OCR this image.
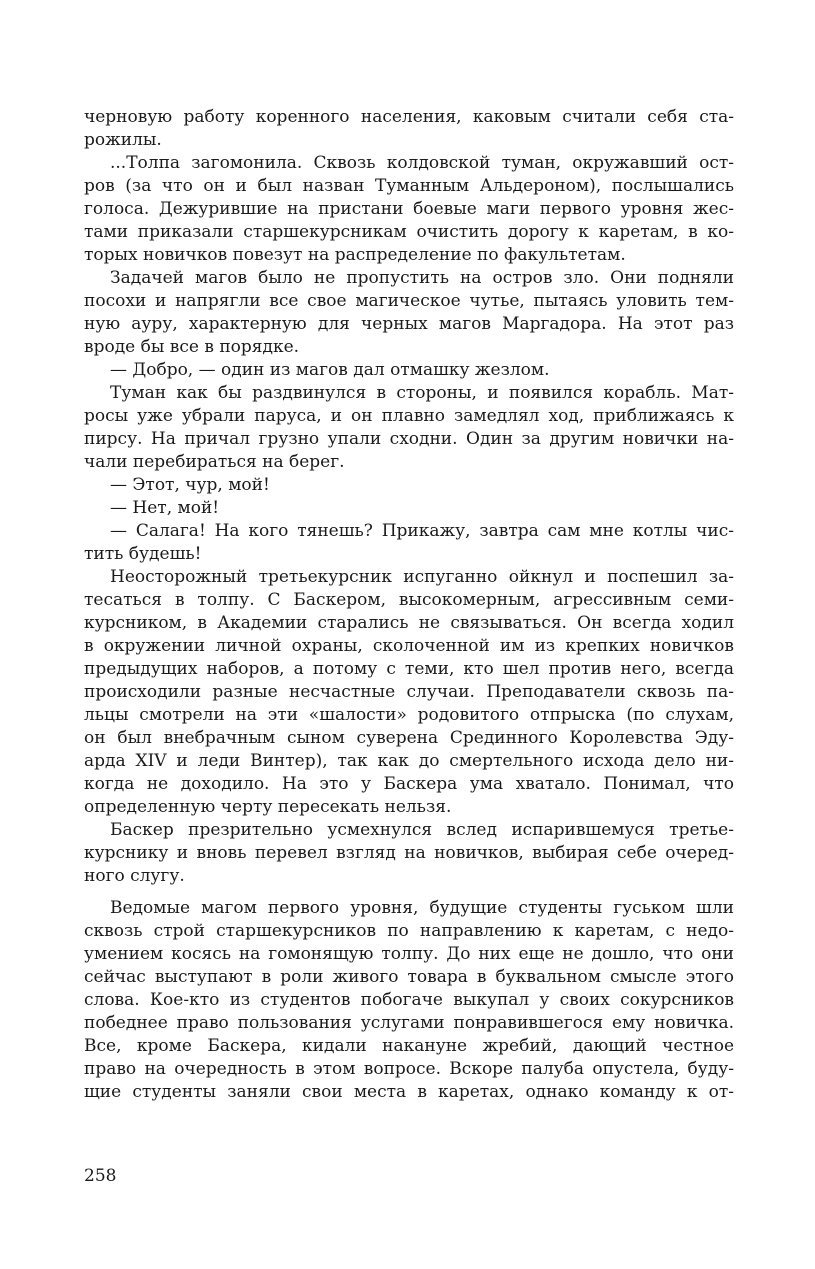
черновую работу коренного населения, каковым считали себя ста-
рожилы.
...Толпа загомонила. Сквозь колдовской туман, окружавший ост-
ров (за что он и был назван Туманным Альдероном), послышались
голоса. Дежурившие на пристани боевые маги первого уровня жес-
тами приказали старшекурсникам очистить дорогу к каретам, в ко-
торых новичков повезут на распределение по факультетам.
Задачей магов было не пропустить на остров зло. Они подняли
посохи и напрягли все свое магическое чутье, пытаясь уловить тем-
ную ауру, характерную для черных магов Маргадора. На этот раз
вроде бы все в порядке.
— Добро, — один из магов дал отмашку жезлом.
Туман как бы раздвинулся в стороны, и появился корабль. Мат-
росы уже убрали паруса, и он плавно замедлял ход, приближаясь к
пирсу. На причал грузно упали сходни. Один за другим новички на-
чали перебираться на берег.
— Этот, чур, мой!
— Нет, мой!
— Салага! На кого тянешь? Прикажу, завтра сам мне котлы чис-
тить будешь!
Неосторожный третьекурсник испуганно ойкнул и поспешил за-
тесаться в толпу. С Баскером, высокомерным, агрессивным семи-
курсником, в Академии старались не связываться. Он всегда ходил
в окружении личной охраны, сколоченной им из крепких новичков
предыдущих наборов, а потому с теми, кто шел против него, всегда
происходили разные несчастные случаи. Преподаватели сквозь па-
льцы смотрели на эти «шалости» родовитого отпрыска (по слухам,
он был внебрачным сыном суверена Срединного Королевства Эду-
арда XIV и леди Винтер), так как до смертельного исхода дело ни-
когда не доходило. На это у Баскера ума хватало. Понимал, что
определенную черту пересекать нельзя.
Баскер презрительно усмехнулся вслед испарившемуся третье-
курснику и вновь перевел взгляд на новичков, выбирая себе очеред-
ного слугу.
Ведомые магом первого уровня, будущие студенты гуськом шли
сквозь строй старшекурсников по направлению к каретам, с недо-
умением косясь на гомонящую толпу. До них еще не дошло, что они
сейчас выступают в роли живого товара в буквальном смысле этого
слова. Кое-кто из студентов побогаче выкупал у своих сокурсников
победнее право пользования услугами понравившегося ему новичка.
Все, кроме Баскера, кидали накануне жребий, дающий честное
право на очередность в этом вопросе. Вскоре палуба опустела, буду-
щие студенты заняли свои места в каретах, однако команду к от-
258
